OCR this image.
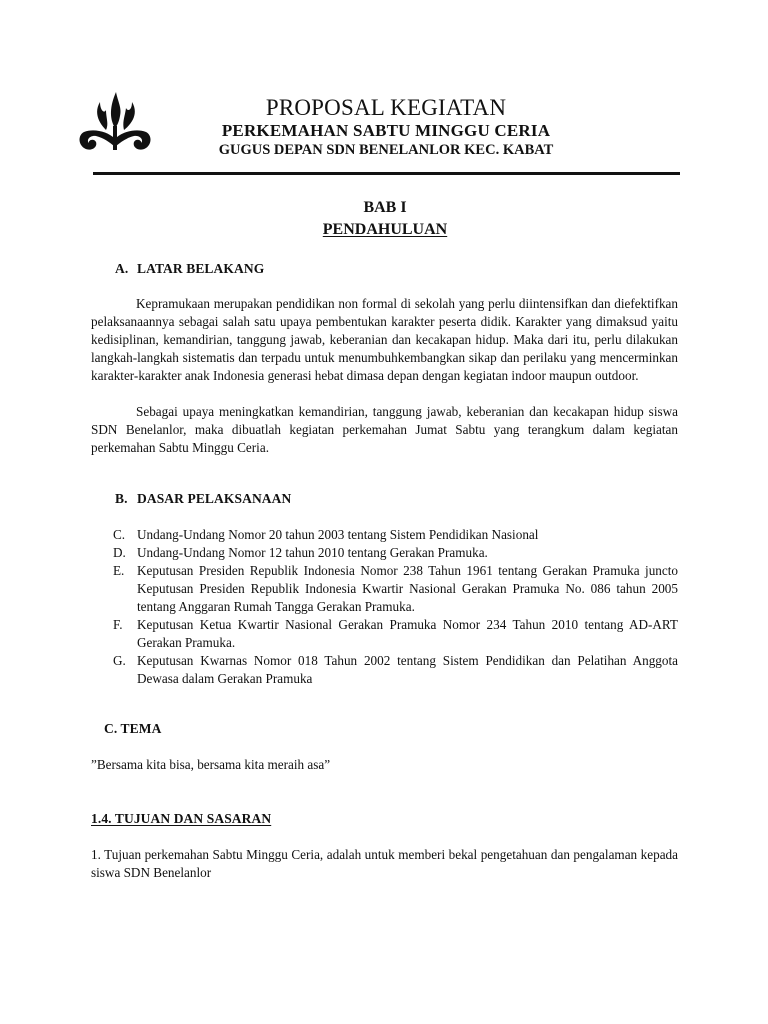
PROPOSAL KEGIATAN
PERKEMAHAN SABTU MINGGU CERIA
GUGUS DEPAN SDN BENELANLOR KEC. KABAT
BAB I
PENDAHULUAN
A. LATAR BELAKANG

Kepramukaan merupakan pendidikan non formal di sekolah yang perlu diintensifkan dan diefektifkan pelaksanaannya sebagai salah satu upaya pembentukan karakter peserta didik. Karakter yang dimaksud yaitu kedisiplinan, kemandirian, tanggung jawab, keberanian dan kecakapan hidup. Maka dari itu, perlu dilakukan langkah-langkah sistematis dan terpadu untuk menumbuhkembangkan sikap dan perilaku yang mencerminkan karakter-karakter anak Indonesia generasi hebat dimasa depan dengan kegiatan indoor maupun outdoor.

Sebagai upaya meningkatkan kemandirian, tanggung jawab, keberanian dan kecakapan hidup siswa SDN Benelanlor, maka dibuatlah kegiatan perkemahan Jumat Sabtu yang terangkum dalam kegiatan perkemahan Sabtu Minggu Ceria.

B. DASAR PELAKSANAAN
C. Undang-Undang Nomor 20 tahun 2003 tentang Sistem Pendidikan Nasional
D. Undang-Undang Nomor 12 tahun 2010 tentang Gerakan Pramuka.
E. Keputusan Presiden Republik Indonesia Nomor 238 Tahun 1961 tentang Gerakan Pramuka juncto Keputusan Presiden Republik Indonesia Kwartir Nasional Gerakan Pramuka No. 086 tahun 2005 tentang Anggaran Rumah Tangga Gerakan Pramuka.
F.	Keputusan Ketua Kwartir Nasional Gerakan Pramuka Nomor 234 Tahun 2010 tentang AD-ART Gerakan Pramuka.
G. Keputusan Kwarnas Nomor 018 Tahun 2002 tentang Sistem Pendidikan dan Pelatihan Anggota Dewasa dalam Gerakan Pramuka
C. TEMA
”Bersama kita bisa, bersama kita meraih asa”
1.4. TUJUAN DAN SASARAN

1. Tujuan perkemahan Sabtu Minggu Ceria, adalah untuk memberi bekal pengetahuan dan pengalaman kepada siswa SDN Benelanlor
